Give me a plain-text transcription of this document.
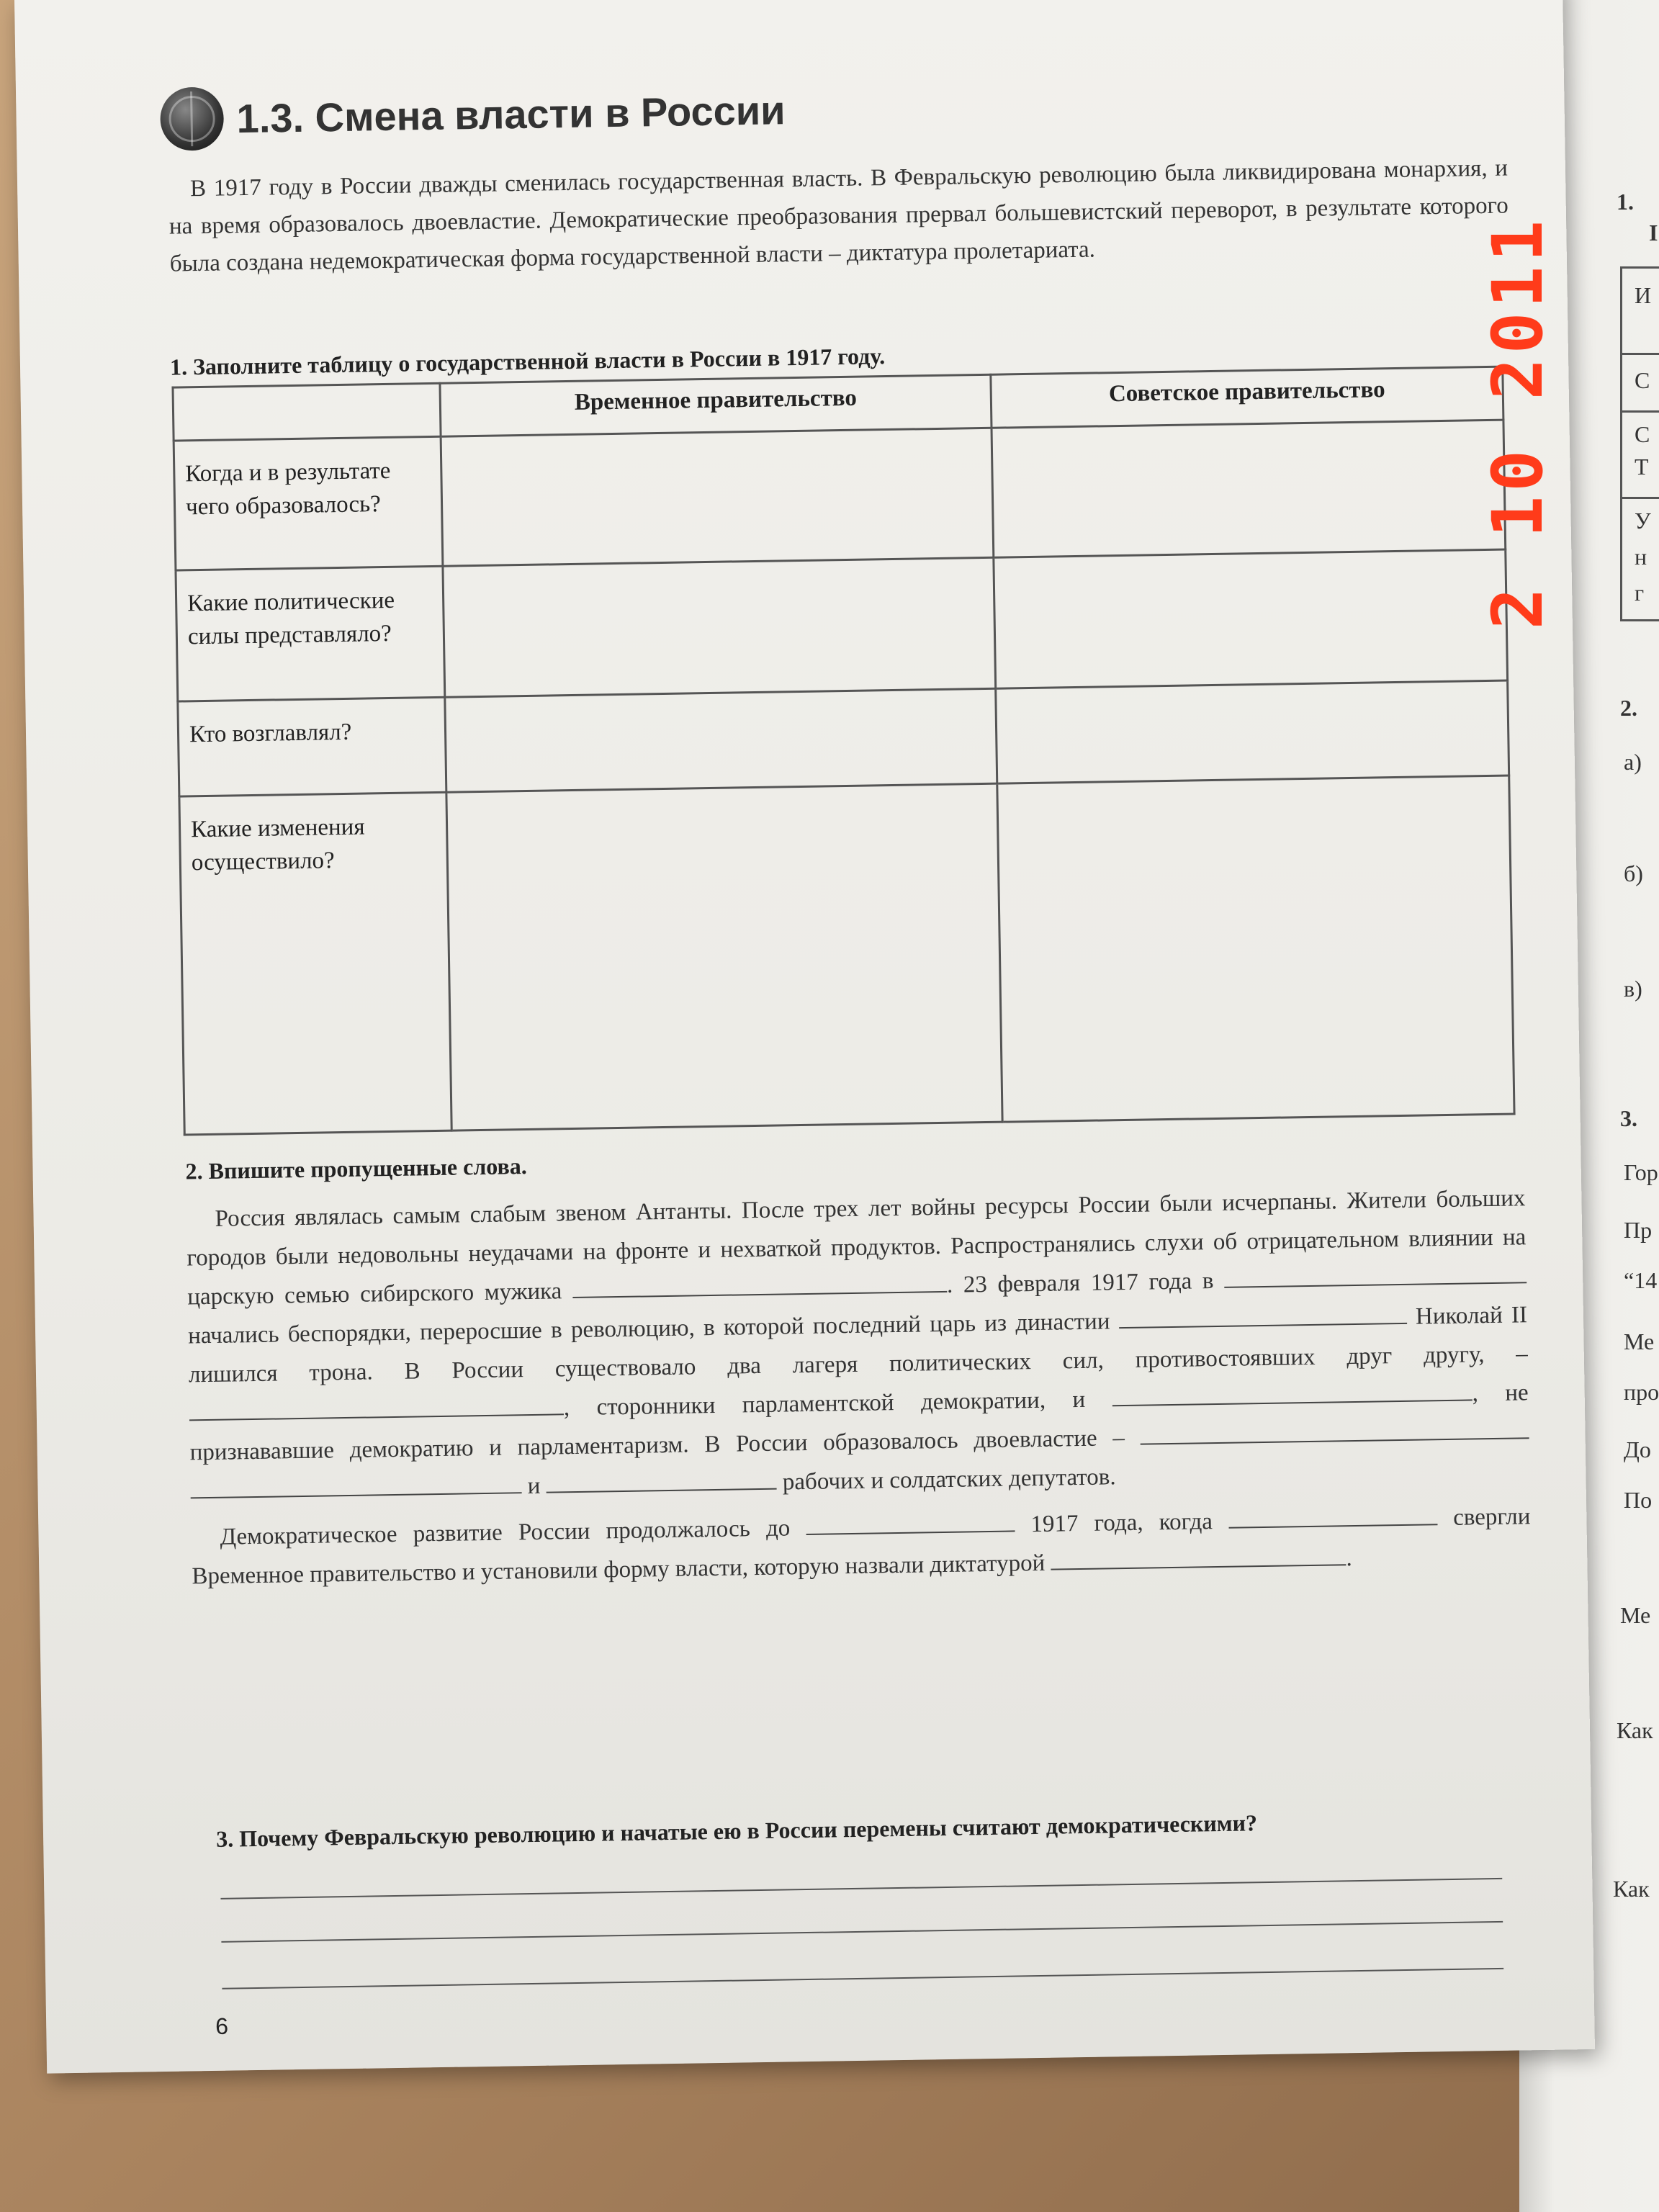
1.
I
И
С
С
Т
У
н
г
2.
а)
б)
в)
3.
Гор
Пр
“14
Ме
про
До
По
Ме
Как
Как
1.3. Смена власти в России
В 1917 году в России дважды сменилась государственная власть. В Февральскую революцию была ликвидирована монархия, и на время образовалось двоевластие. Демократические преобразования прервал большевистский переворот, в результате которого была создана недемократическая форма государственной власти – диктатура пролетариата.
1. Заполните таблицу о государственной власти в России в 1917 году.
	Временное правительство	Советское правительство
Когда и в результате чего образовалось?		
Какие политические силы представляло?		
Кто возглавлял?		
Какие изменения осуществило?		
2. Впишите пропущенные слова.

Россия являлась самым слабым звеном Антанты. После трех лет войны ресурсы России были исчерпаны. Жители больших городов были недовольны неудачами на фронте и нехваткой продуктов. Распространялись слухи об отрицательном влиянии на царскую семью сибирского мужика	. 23 февраля 1917 года в  начались беспорядки, переросшие в революцию, в которой последний царь из династии	Николай II лишился трона. В России существовало два лагеря политических сил, противостоявших друг другу, – , сторонники парламентской демократии, и	, не признававшие демократию и парламентаризм. В России образовалось двоевластие –   и	рабочих и солдатских депутатов.

Демократическое развитие России продолжалось до	1917 года, когда	свергли Временное правительство и установили форму власти, которую назвали диктатурой	.

3. Почему Февральскую революцию и начатые ею в России перемены считают демократическими?
6
2 10 2011
